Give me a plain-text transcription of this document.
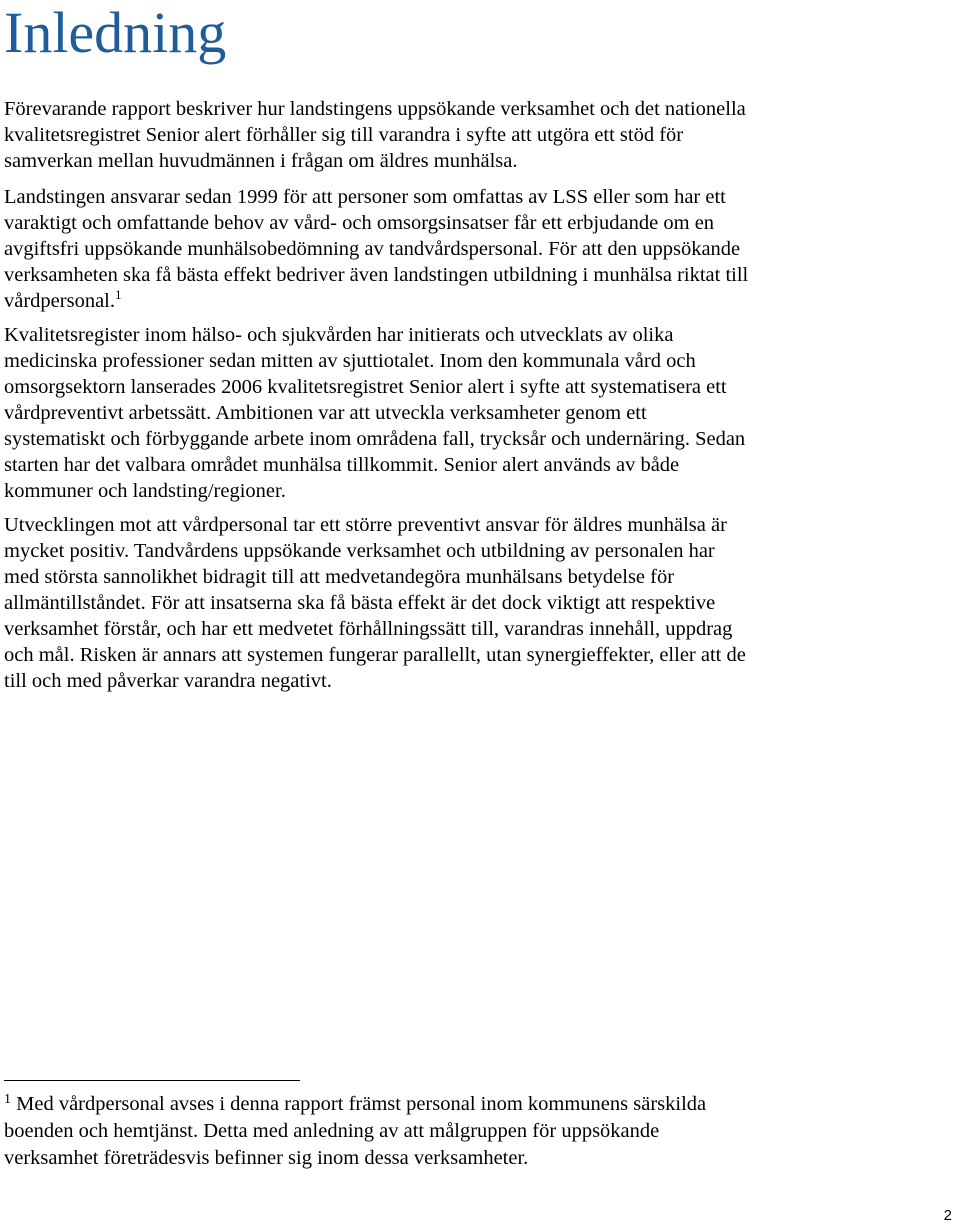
Inledning

Förevarande rapport beskriver hur landstingens uppsökande verksamhet och det nationella kvalitetsregistret Senior alert förhåller sig till varandra i syfte att utgöra ett stöd för samverkan mellan huvudmännen i frågan om äldres munhälsa.

Landstingen ansvarar sedan 1999 för att personer som omfattas av LSS eller som har ett varaktigt och omfattande behov av vård- och omsorgsinsatser får ett erbjudande om en avgiftsfri uppsökande munhälsobedömning av tandvårdspersonal. För att den uppsökande verksamheten ska få bästa effekt bedriver även landstingen utbildning i munhälsa riktat till vårdpersonal.$^1$

Kvalitetsregister inom hälso- och sjukvården har initierats och utvecklats av olika medicinska professioner sedan mitten av sjuttiotalet. Inom den kommunala vård och omsorgsektorn lanserades 2006 kvalitetsregistret Senior alert i syfte att systematisera ett vårdpreventivt arbetssätt. Ambitionen var att utveckla verksamheter genom ett systematiskt och förbyggande arbete inom områdena fall, trycksår och undernäring. Sedan starten har det valbara området munhälsa tillkommit. Senior alert används av både kommuner och landsting/regioner.

Utvecklingen mot att vårdpersonal tar ett större preventivt ansvar för äldres munhälsa är mycket positiv. Tandvårdens uppsökande verksamhet och utbildning av personalen har med största sannolikhet bidragit till att medvetandegöra munhälsans betydelse för allmäntillståndet. För att insatserna ska få bästa effekt är det dock viktigt att respektive verksamhet förstår, och har ett medvetet förhållningssätt till, varandras innehåll, uppdrag och mål. Risken är annars att systemen fungerar parallellt, utan synergieffekter, eller att de till och med påverkar varandra negativt.

$^1$ Med vårdpersonal avses i denna rapport främst personal inom kommunens särskilda boenden och hemtjänst. Detta med anledning av att målgruppen för uppsökande verksamhet företrädesvis befinner sig inom dessa verksamheter.

2
